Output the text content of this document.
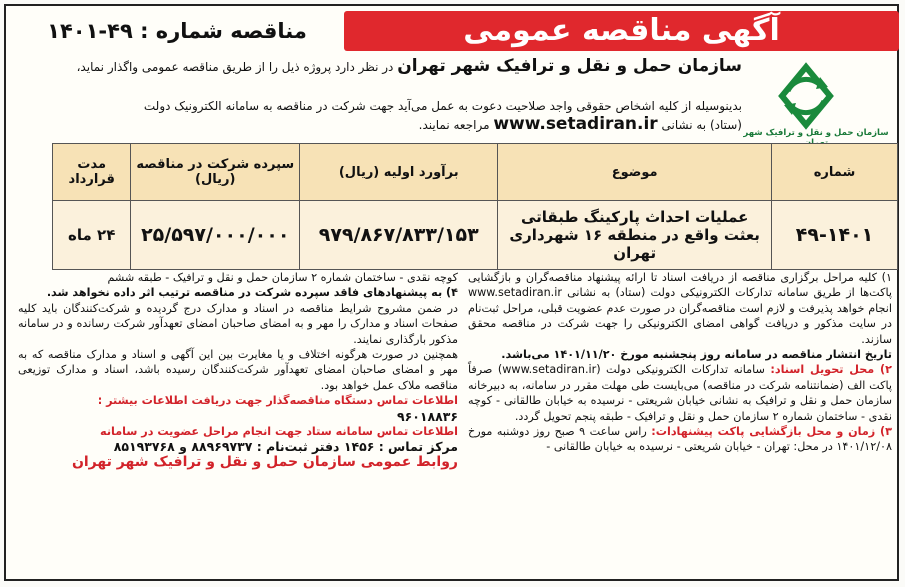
آگهی مناقصه عمومی
مناقصه شماره : ۴۹-۱۴۰۱
سازمان حمل و نقل و ترافیک شهر
سازمان حمل و نقل و ترافیک شهر تهران در نظر دارد پروژه ذیل را از طریق مناقصه عمومی واگذار نماید،
بدینوسیله از کلیه اشخاص حقوقی واجد صلاحیت دعوت به عمل می‌آید جهت شرکت در مناقصه به سامانه الکترونیک دولت
(ستاد) به نشانی www.setadiran.ir مراجعه نمایند.
شماره	موضوع	برآورد اولیه (ریال)	سپرده شرکت در مناقصه (ریال)	مدت قرارداد
۴۹-۱۴۰۱	عملیات احداث پارکینگ طبقاتی بعثت واقع در منطقه ۱۶ شهرداری تهران	۹۷۹/۸۶۷/۸۳۳/۱۵۳	۲۵/۵۹۷/۰۰۰/۰۰۰	۲۴ ماه

۱) کلیه مراحل برگزاری مناقصه از دریافت اسناد تا ارائه پیشنهاد مناقصه‌گران و بازگشایی پاکت‌ها از طریق سامانه تدارکات الکترونیکی دولت (ستاد) به نشانی www.setadiran.ir انجام خواهد پذیرفت و لازم است مناقصه‌گران در صورت عدم عضویت قبلی، مراحل ثبت‌نام در سایت مذکور و دریافت گواهی امضای الکترونیکی را جهت شرکت در مناقصه محقق سازند.

تاریخ انتشار مناقصه در سامانه روز پنجشنبه مورخ ۱۴۰۱/۱۱/۲۰ می‌باشد.

۲) محل تحویل اسناد: سامانه تدارکات الکترونیکی دولت (www.setadiran.ir) صرفاً پاکت الف (ضمانتنامه شرکت در مناقصه) می‌بایست طی مهلت مقرر در سامانه، به دبیرخانه سازمان حمل و نقل و ترافیک به نشانی خیابان شریعتی - نرسیده به خیابان طالقانی - کوچه نقدی - ساختمان شماره ۲ سازمان حمل و نقل و ترافیک - طبقه پنجم تحویل گردد.

۳) زمان و محل بازگشایی پاکت پیشنهادات: راس ساعت ۹ صبح روز دوشنبه مورخ ۱۴۰۱/۱۲/۰۸ در محل: تهران - خیابان شریعتی - نرسیده به خیابان طالقانی -

کوچه نقدی - ساختمان شماره ۲ سازمان حمل و نقل و ترافیک - طبقه ششم

۴) به پیشنهادهای فاقد سپرده شرکت در مناقصه ترتیب اثر داده نخواهد شد.

در ضمن مشروح شرایط مناقصه در اسناد و مدارک درج گردیده و شرکت‌کنندگان باید کلیه صفحات اسناد و مدارک را مهر و به امضای صاحبان امضای تعهدآور شرکت رسانده و در سامانه مذکور بارگذاری نمایند.

همچنین در صورت هرگونه اختلاف و یا مغایرت بین این آگهی و اسناد و مدارک مناقصه که به مهر و امضای صاحبان امضای تعهدآور شرکت‌کنندگان رسیده باشد، اسناد و مدارک توزیعی مناقصه ملاک عمل خواهد بود.

اطلاعات تماس دستگاه مناقصه‌گذار جهت دریافت اطلاعات بیشتر :

۹۶۰۱۸۸۳۶

اطلاعات تماس سامانه ستاد جهت انجام مراحل عضویت در سامانه

مرکز تماس : ۱۴۵۶ دفتر ثبت‌نام : ۸۸۹۶۹۷۳۷ و ۸۵۱۹۳۷۶۸

روابط عمومی سازمان حمل و نقل و ترافیک شهر تهران
